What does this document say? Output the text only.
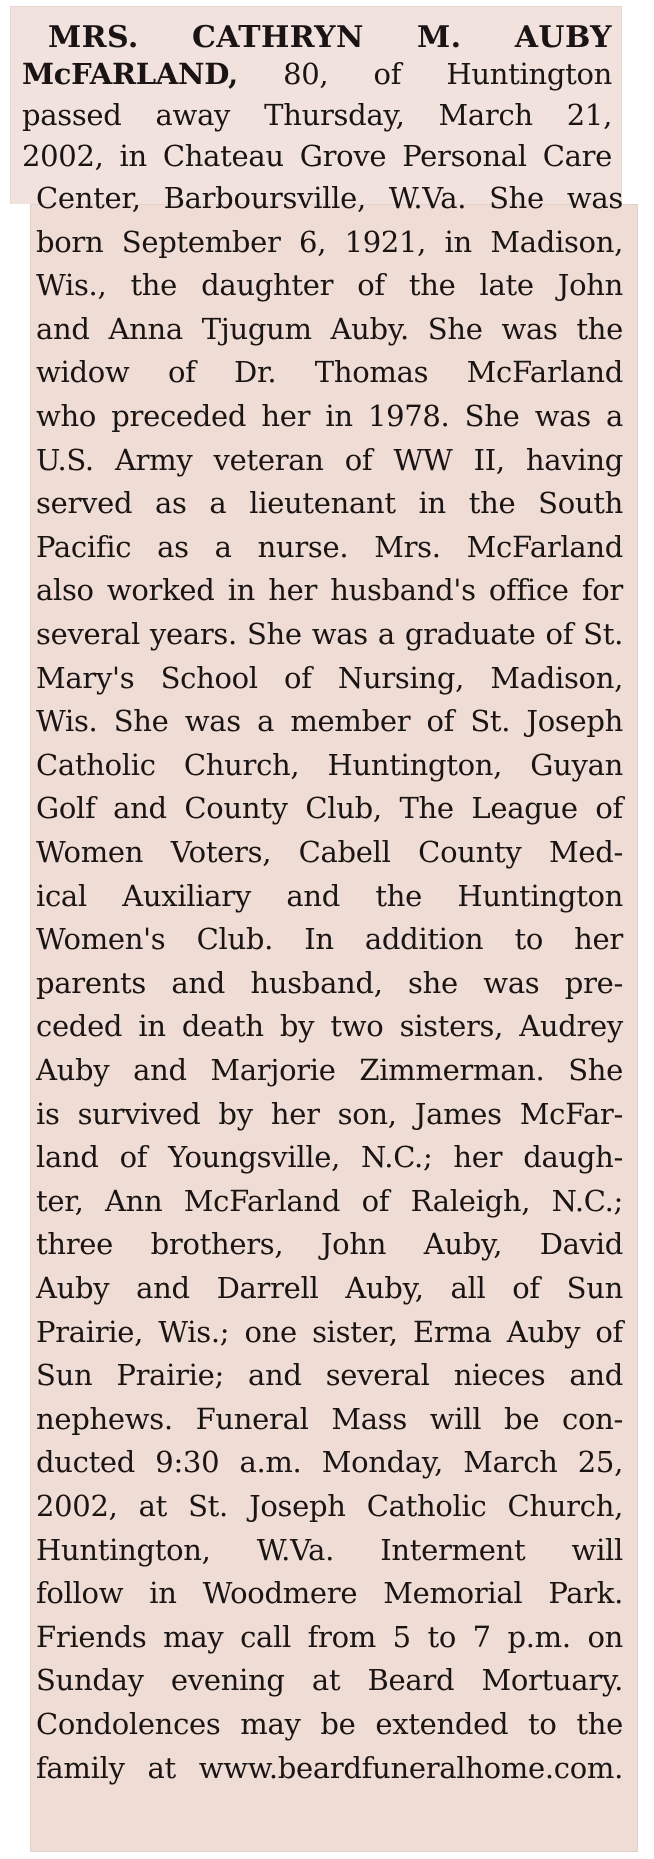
MRS. CATHRYN M. AUBY
McFARLAND, 80, of Huntington
passed away Thursday, March 21,
2002, in Chateau Grove Personal Care
Center, Barboursville, W.Va. She was
born September 6, 1921, in Madison,
Wis., the daughter of the late John
and Anna Tjugum Auby. She was the
widow of Dr. Thomas McFarland
who preceded her in 1978. She was a
U.S. Army veteran of WW II, having
served as a lieutenant in the South
Pacific as a nurse. Mrs. McFarland
also worked in her husband's office for
several years. She was a graduate of St.
Mary's School of Nursing, Madison,
Wis. She was a member of St. Joseph
Catholic Church, Huntington, Guyan
Golf and County Club, The League of
Women Voters, Cabell County Med-
ical Auxiliary and the Huntington
Women's Club. In addition to her
parents and husband, she was pre-
ceded in death by two sisters, Audrey
Auby and Marjorie Zimmerman. She
is survived by her son, James McFar-
land of Youngsville, N.C.; her daugh-
ter, Ann McFarland of Raleigh, N.C.;
three brothers, John Auby, David
Auby and Darrell Auby, all of Sun
Prairie, Wis.; one sister, Erma Auby of
Sun Prairie; and several nieces and
nephews. Funeral Mass will be con-
ducted 9:30 a.m. Monday, March 25,
2002, at St. Joseph Catholic Church,
Huntington, W.Va. Interment will
follow in Woodmere Memorial Park.
Friends may call from 5 to 7 p.m. on
Sunday evening at Beard Mortuary.
Condolences may be extended to the
family at www.beardfuneralhome.com.
